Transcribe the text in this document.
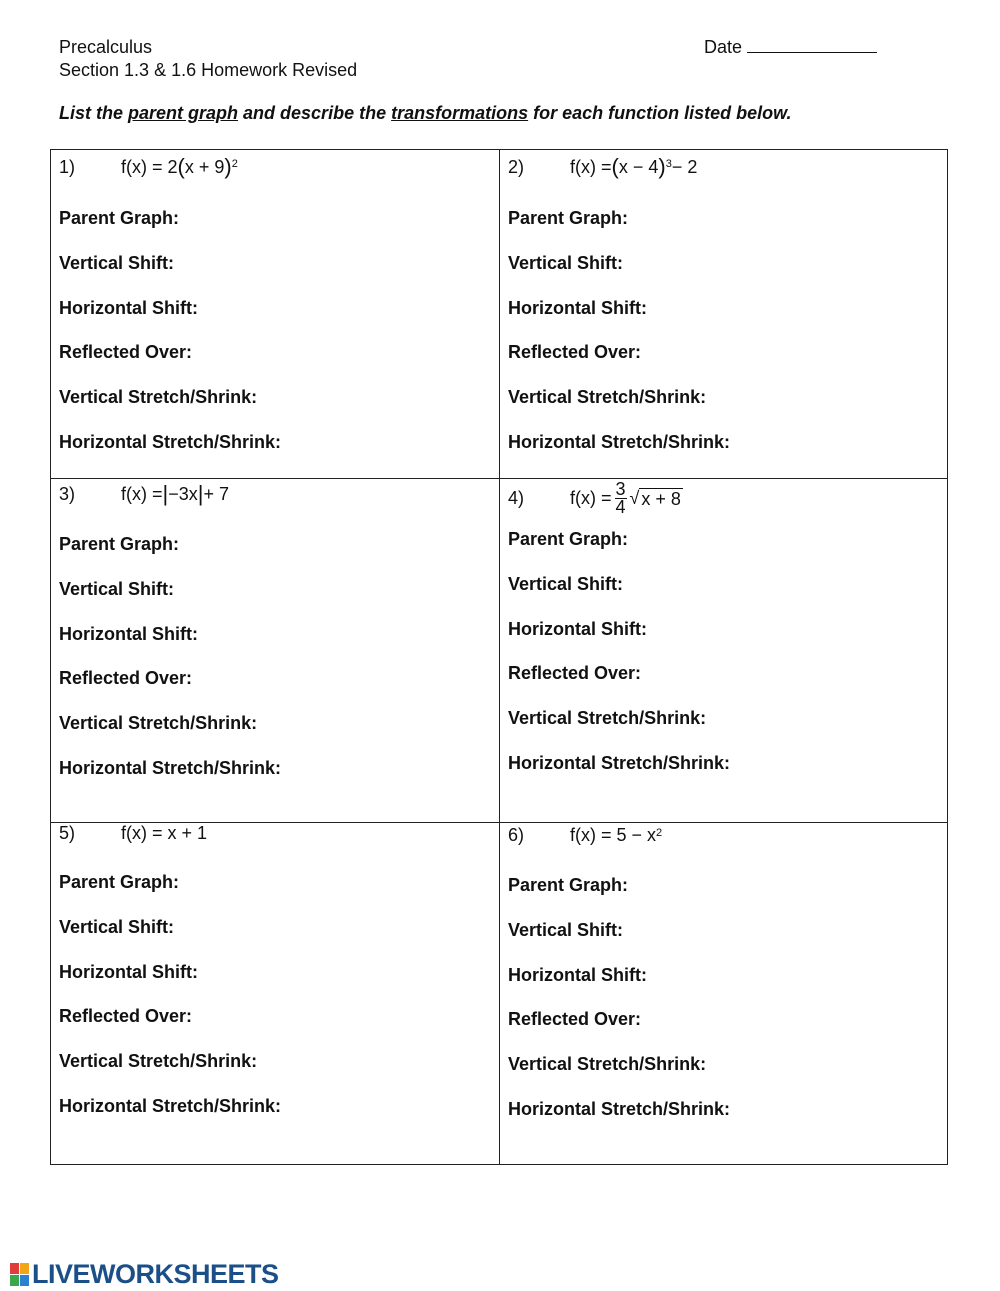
Precalculus
Section 1.3 & 1.6 Homework Revised
Date
List the parent graph and describe the transformations for each function listed below.
1)	f(x) = 2 ( x + 9 )$^2$
Parent Graph:
Vertical Shift:
Horizontal Shift:
Reflected Over:
Vertical Stretch/Shrink:
Horizontal Stretch/Shrink:
2)	f(x) = ( x − 4 )$^3$ − 2
Parent Graph:
Vertical Shift:
Horizontal Shift:
Reflected Over:
Vertical Stretch/Shrink:
Horizontal Stretch/Shrink:
3)	f(x) = | −3x | + 7
Parent Graph:
Vertical Shift:
Horizontal Shift:
Reflected Over:
Vertical Stretch/Shrink:
Horizontal Stretch/Shrink:
4)	$f(x) = \frac{3}{4}$ √ x + 8
Parent Graph:
Vertical Shift:
Horizontal Shift:
Reflected Over:
Vertical Stretch/Shrink:
Horizontal Stretch/Shrink:
5)	f(x) = x + 1
Parent Graph:
Vertical Shift:
Horizontal Shift:
Reflected Over:
Vertical Stretch/Shrink:
Horizontal Stretch/Shrink:
6)	$f(x) = 5 - x^2$
Parent Graph:
Vertical Shift:
Horizontal Shift:
Reflected Over:
Vertical Stretch/Shrink:
Horizontal Stretch/Shrink:
LIVEWORKSHEETS
